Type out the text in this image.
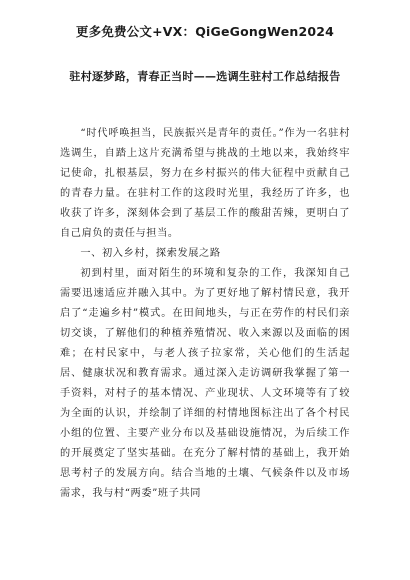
更多免费公文+VX：QiGeGongWen2024
驻村逐梦路，青春正当时——选调生驻村工作总结报告

“时代呼唤担当，民族振兴是青年的责任。”作为一名驻村选调生，自踏上这片充满希望与挑战的土地以来，我始终牢记使命，扎根基层，努力在乡村振兴的伟大征程中贡献自己的青春力量。在驻村工作的这段时光里，我经历了许多，也收获了许多，深刻体会到了基层工作的酸甜苦辣，更明白了自己肩负的责任与担当。

一、初入乡村，探索发展之路

初到村里，面对陌生的环境和复杂的工作，我深知自己需要迅速适应并融入其中。为了更好地了解村情民意，我开启了“走遍乡村”模式。在田间地头，与正在劳作的村民们亲切交谈，了解他们的种植养殖情况、收入来源以及面临的困难；在村民家中，与老人孩子拉家常，关心他们的生活起居、健康状况和教育需求。通过深入走访调研我掌握了第一手资料，对村子的基本情况、产业现状、人文环境等有了较为全面的认识，并绘制了详细的村情地图标注出了各个村民小组的位置、主要产业分布以及基础设施情况，为后续工作的开展奠定了坚实基础。在充分了解村情的基础上，我开始思考村子的发展方向。结合当地的土壤、气候条件以及市场需求，我与村“两委”班子共同
